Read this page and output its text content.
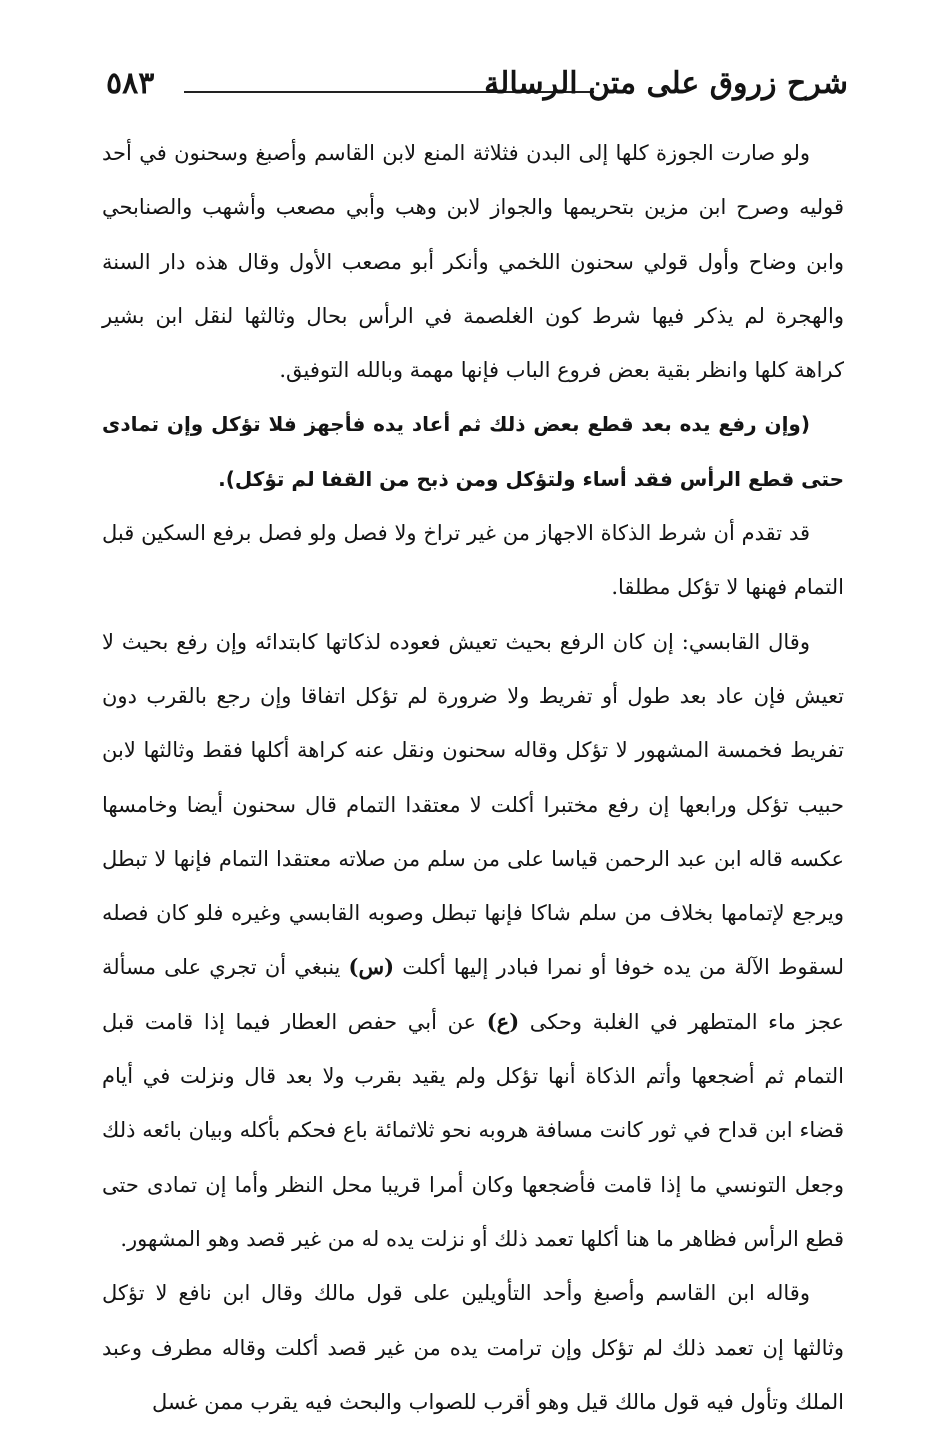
٥٨٣	شرح زروق على متن الرسالة

ولو صارت الجوزة كلها إلى البدن فثلاثة المنع لابن القاسم وأصبغ وسحنون في أحد قوليه وصرح ابن مزين بتحريمها والجواز لابن وهب وأبي مصعب وأشهب والصنابحي وابن وضاح وأول قولي سحنون اللخمي وأنكر أبو مصعب الأول وقال هذه دار السنة والهجرة لم يذكر فيها شرط كون الغلصمة في الرأس بحال وثالثها لنقل ابن بشير كراهة كلها وانظر بقية بعض فروع الباب فإنها مهمة وبالله التوفيق.

(وإن رفع يده بعد قطع بعض ذلك ثم أعاد يده فأجهز فلا تؤكل وإن تمادى حتى قطع الرأس فقد أساء ولتؤكل ومن ذبح من القفا لم تؤكل).

قد تقدم أن شرط الذكاة الاجهاز من غير تراخ ولا فصل ولو فصل برفع السكين قبل التمام فهنها لا تؤكل مطلقا.

وقال القابسي: إن كان الرفع بحيث تعيش فعوده لذكاتها كابتدائه وإن رفع بحيث لا تعيش فإن عاد بعد طول أو تفريط ولا ضرورة لم تؤكل اتفاقا وإن رجع بالقرب دون تفريط فخمسة المشهور لا تؤكل وقاله سحنون ونقل عنه كراهة أكلها فقط وثالثها لابن حبيب تؤكل ورابعها إن رفع مختبرا أكلت لا معتقدا التمام قال سحنون أيضا وخامسها عكسه قاله ابن عبد الرحمن قياسا على من سلم من صلاته معتقدا التمام فإنها لا تبطل ويرجع لإتمامها بخلاف من سلم شاكا فإنها تبطل وصوبه القابسي وغيره فلو كان فصله لسقوط الآلة من يده خوفا أو نمرا فبادر إليها أكلت (س) ينبغي أن تجري على مسألة عجز ماء المتطهر في الغلبة وحكى (ع) عن أبي حفص العطار فيما إذا قامت قبل التمام ثم أضجعها وأتم الذكاة أنها تؤكل ولم يقيد بقرب ولا بعد قال ونزلت في أيام قضاء ابن قداح في ثور كانت مسافة هروبه نحو ثلاثمائة باع فحكم بأكله وبيان بائعه ذلك وجعل التونسي ما إذا قامت فأضجعها وكان أمرا قريبا محل النظر وأما إن تمادى حتى قطع الرأس فظاهر ما هنا أكلها تعمد ذلك أو نزلت يده له من غير قصد وهو المشهور.

وقاله ابن القاسم وأصبغ وأحد التأويلين على قول مالك وقال ابن نافع لا تؤكل وثالثها إن تعمد ذلك لم تؤكل وإن ترامت يده من غير قصد أكلت وقاله مطرف وعبد الملك وتأول فيه قول مالك قيل وهو أقرب للصواب والبحث فيه يقرب ممن غسل
